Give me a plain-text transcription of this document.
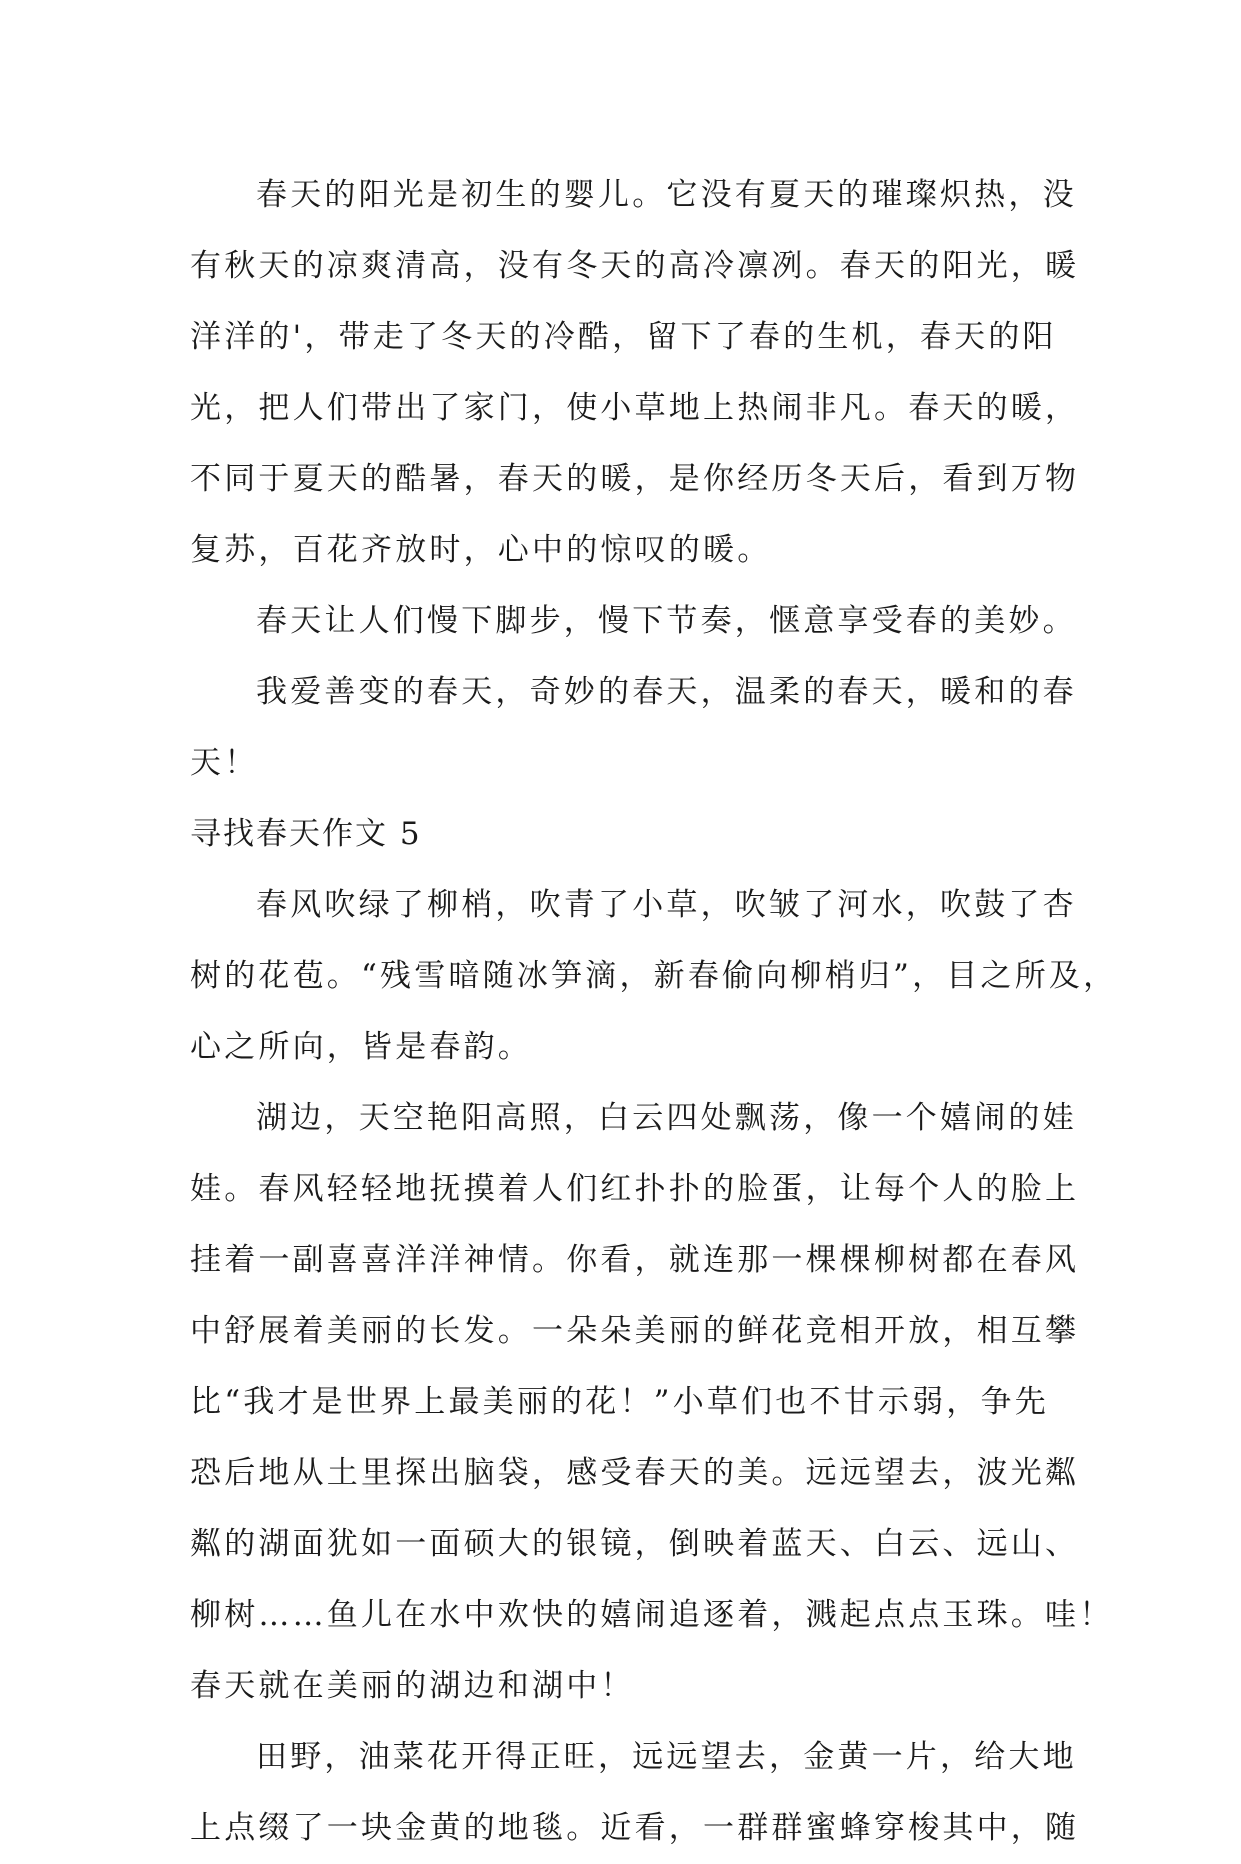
春天的阳光是初生的婴儿。它没有夏天的璀璨炽热，没
有秋天的凉爽清高，没有冬天的高冷凛冽。春天的阳光，暖
洋洋的'，带走了冬天的冷酷，留下了春的生机，春天的阳
光，把人们带出了家门，使小草地上热闹非凡。春天的暖，
不同于夏天的酷暑，春天的暖，是你经历冬天后，看到万物
复苏，百花齐放时，心中的惊叹的暖。
春天让人们慢下脚步，慢下节奏，惬意享受春的美妙。
我爱善变的春天，奇妙的春天，温柔的春天，暖和的春
天！
寻找春天作文 5
春风吹绿了柳梢，吹青了小草，吹皱了河水，吹鼓了杏
树的花苞。“残雪暗随冰笋滴，新春偷向柳梢归”，目之所及，
心之所向，皆是春韵。
湖边，天空艳阳高照，白云四处飘荡，像一个嬉闹的娃
娃。春风轻轻地抚摸着人们红扑扑的脸蛋，让每个人的脸上
挂着一副喜喜洋洋神情。你看，就连那一棵棵柳树都在春风
中舒展着美丽的长发。一朵朵美丽的鲜花竞相开放，相互攀
比“我才是世界上最美丽的花！”小草们也不甘示弱，争先
恐后地从土里探出脑袋，感受春天的美。远远望去，波光粼
粼的湖面犹如一面硕大的银镜，倒映着蓝天、白云、远山、
柳树……鱼儿在水中欢快的嬉闹追逐着，溅起点点玉珠。哇！
春天就在美丽的湖边和湖中！
田野，油菜花开得正旺，远远望去，金黄一片，给大地
上点缀了一块金黄的地毯。近看，一群群蜜蜂穿梭其中，随
